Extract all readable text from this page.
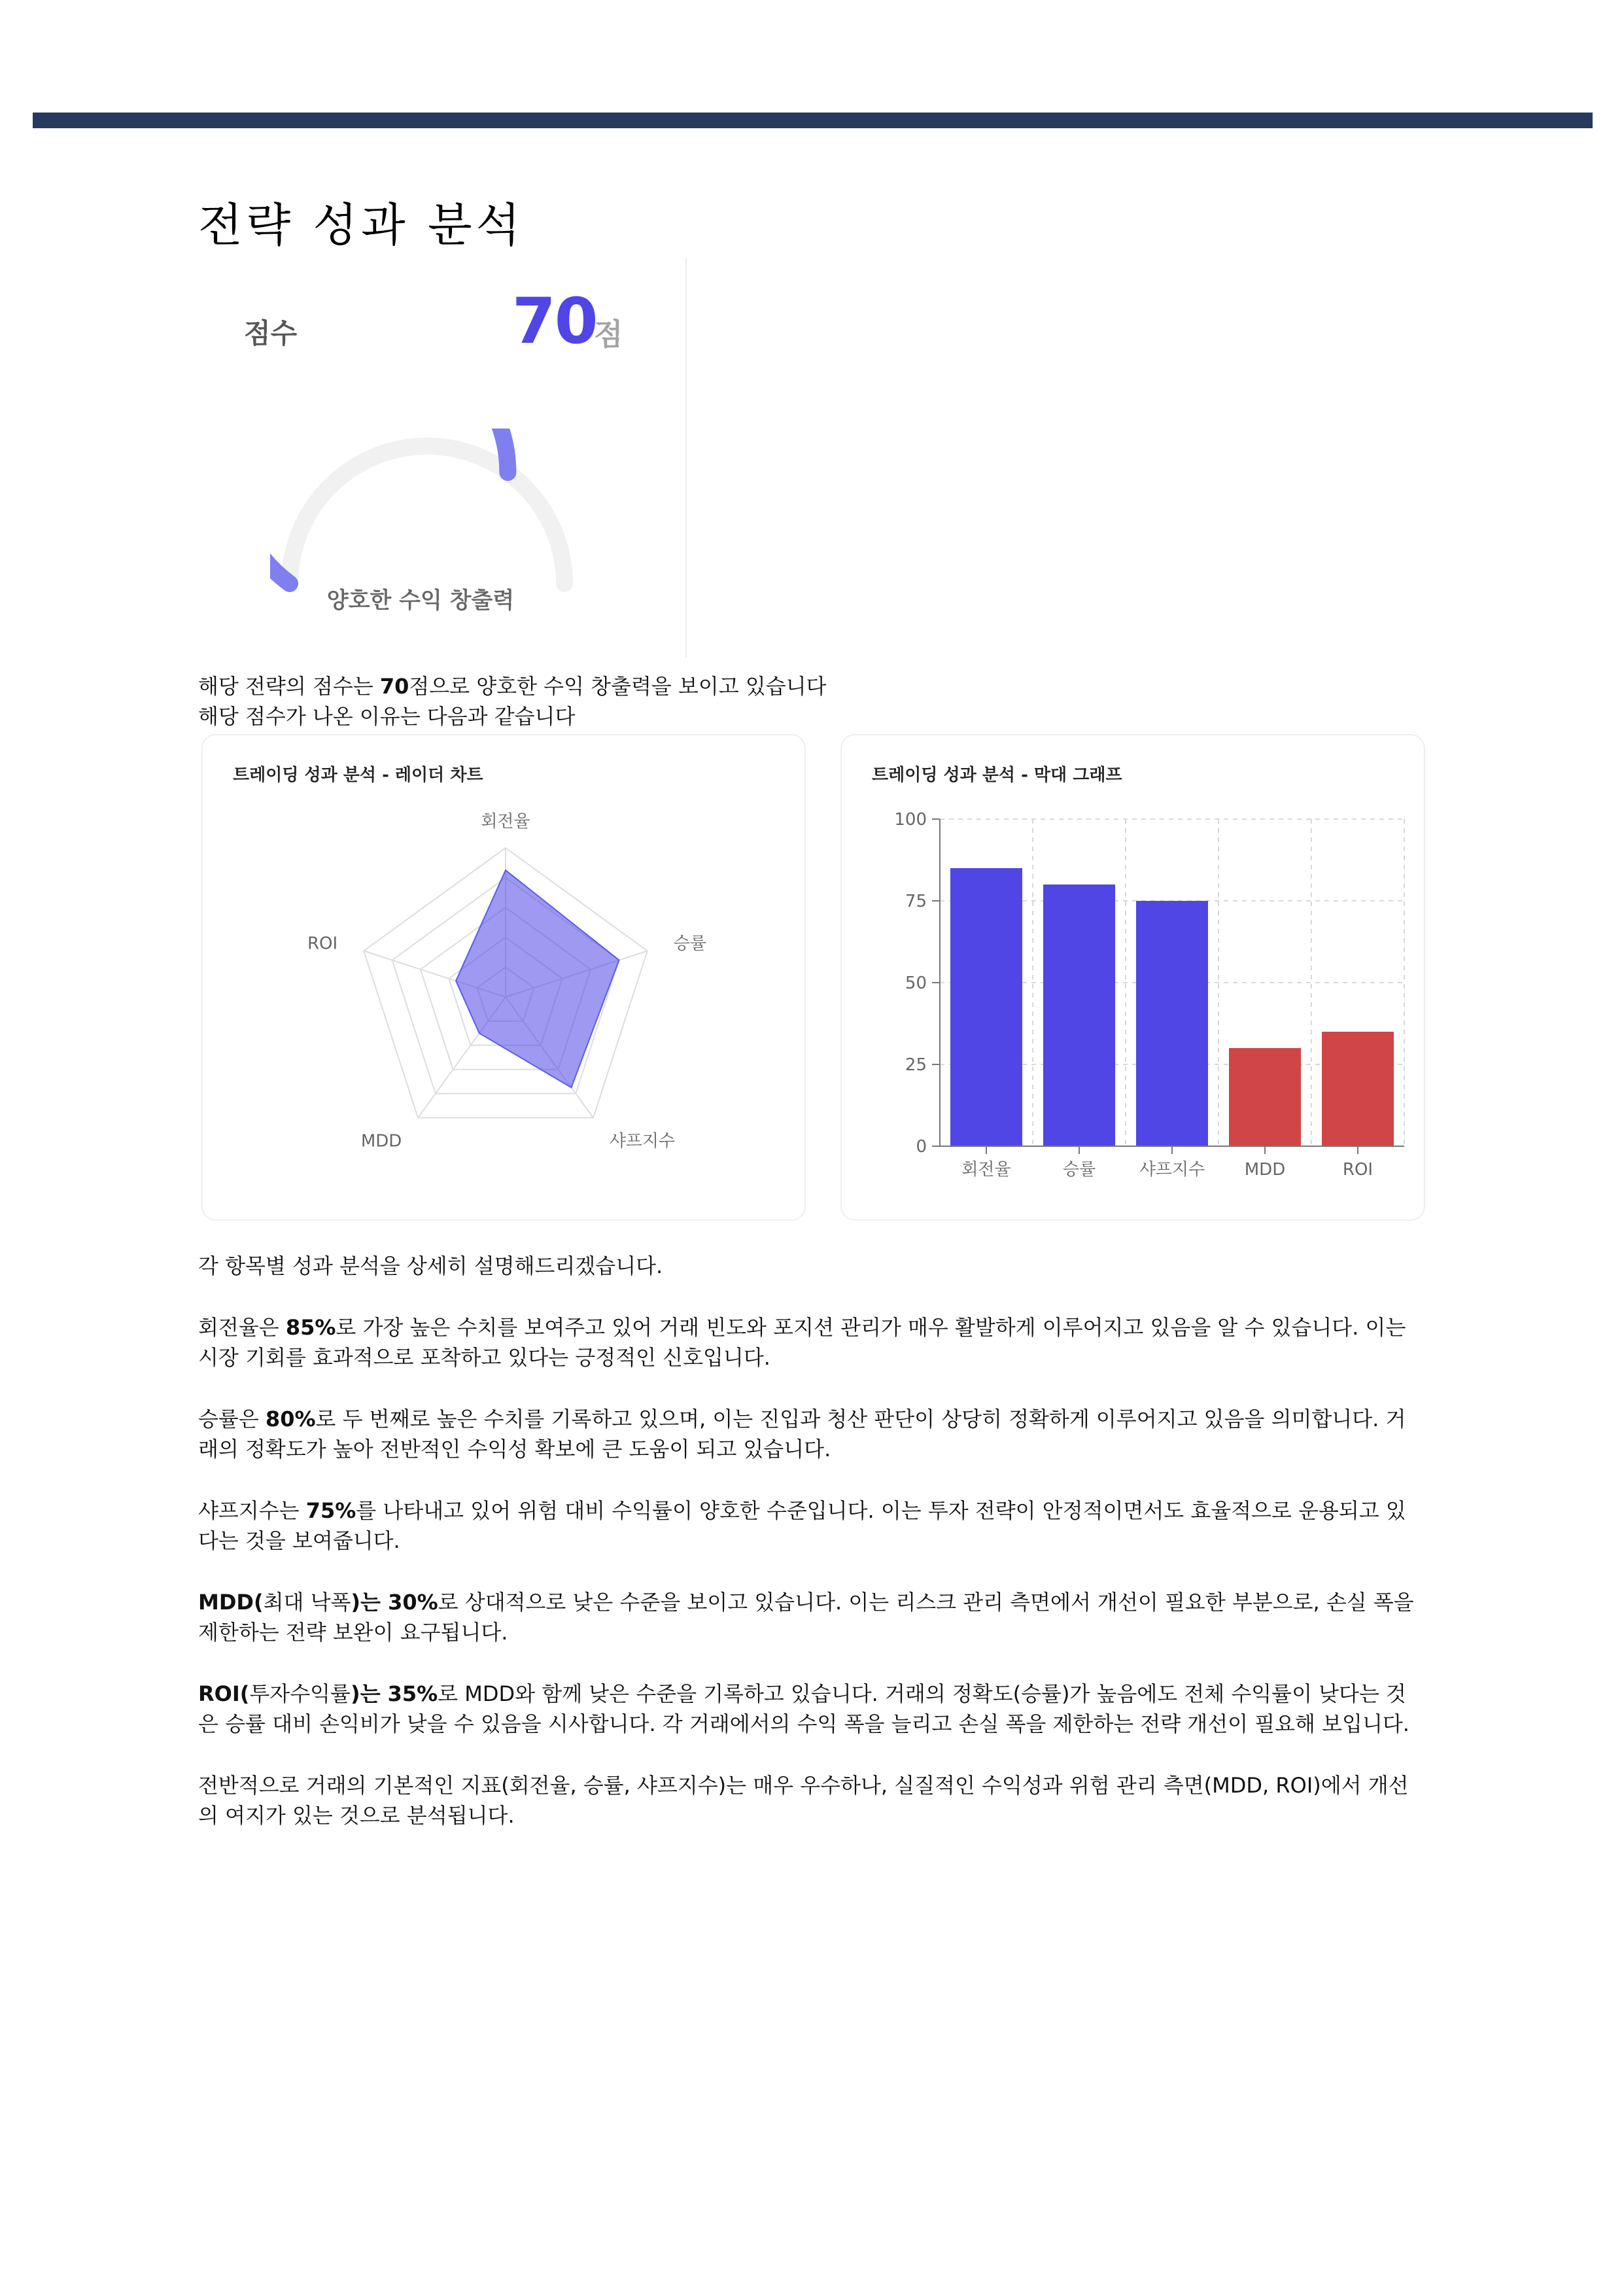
전략 성과 분석
점수	70
점
양호한 수익 창출력
해당 전략의 점수는 70점으로 양호한 수익 창출력을 보이고 있습니다
해당 점수가 나온 이유는 다음과 같습니다
트레이딩 성과 분석 - 레이더 차트
회전율
승률
샤프지수
MDD
ROI
트레이딩 성과 분석 - 막대 그래프
0
25
50
75
100
회전율	승률	샤프지수 MDD	ROI

각 항목별 성과 분석을 상세히 설명해드리겠습니다.

회전율은 85%로 가장 높은 수치를 보여주고 있어 거래 빈도와 포지션 관리가 매우 활발하게 이루어지고 있음을 알 수 있습니다. 이는 시장 기회를 효과적으로 포착하고 있다는 긍정적인 신호입니다.

승률은 80%로 두 번째로 높은 수치를 기록하고 있으며, 이는 진입과 청산 판단이 상당히 정확하게 이루어지고 있음을 의미합니다. 거래의 정확도가 높아 전반적인 수익성 확보에 큰 도움이 되고 있습니다.

샤프지수는 75%를 나타내고 있어 위험 대비 수익률이 양호한 수준입니다. 이는 투자 전략이 안정적이면서도 효율적으로 운용되고 있다는 것을 보여줍니다.

MDD(최대 낙폭)는 30%로 상대적으로 낮은 수준을 보이고 있습니다. 이는 리스크 관리 측면에서 개선이 필요한 부분으로, 손실 폭을 제한하는 전략 보완이 요구됩니다.

ROI(투자수익률)는 35%로 MDD와 함께 낮은 수준을 기록하고 있습니다. 거래의 정확도(승률)가 높음에도 전체 수익률이 낮다는 것은 승률 대비 손익비가 낮을 수 있음을 시사합니다. 각 거래에서의 수익 폭을 늘리고 손실 폭을 제한하는 전략 개선이 필요해 보입니다.

전반적으로 거래의 기본적인 지표(회전율, 승률, 샤프지수)는 매우 우수하나, 실질적인 수익성과 위험 관리 측면(MDD, ROI)에서 개선의 여지가 있는 것으로 분석됩니다.
